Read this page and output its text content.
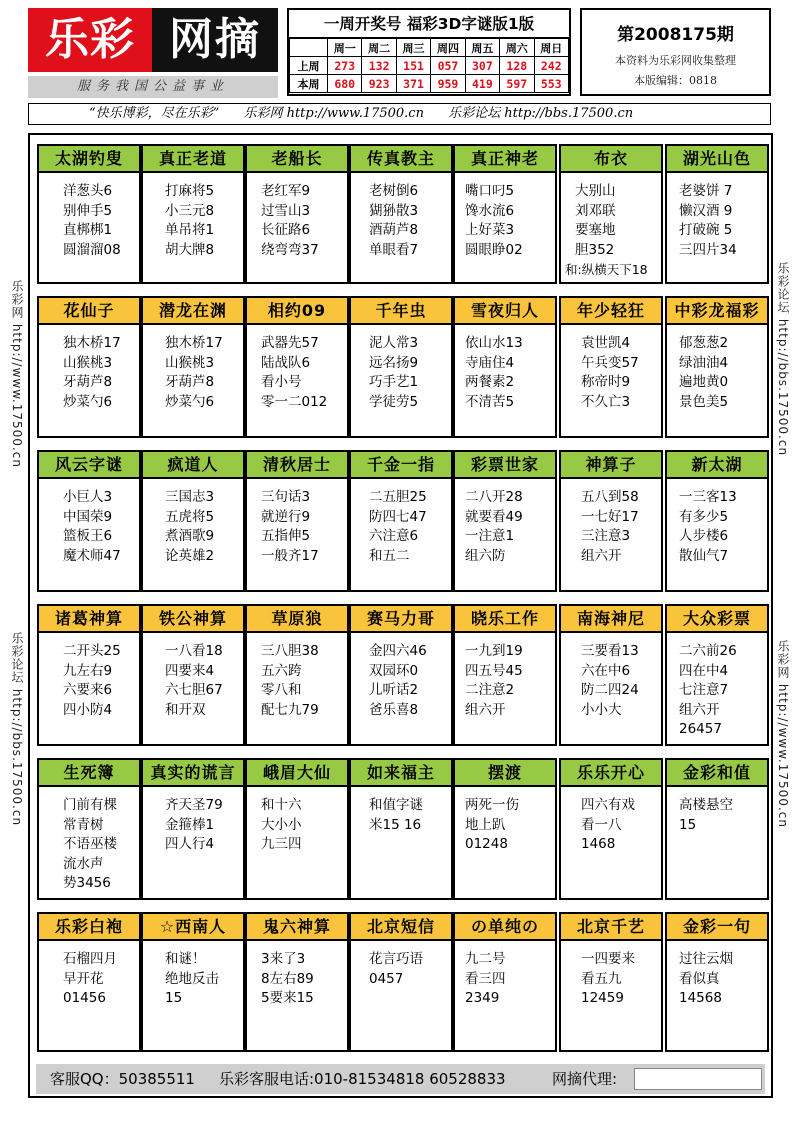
乐彩 网摘
服务我国公益事业
一周开奖号 福彩3D字谜版1版
	周一	周二	周三	周四	周五	周六	周日
上周	273	132	151	057	307	128	242
本周	680	923	371	959	419	597	553
第2008175期
本资料为乐彩网收集整理
本版编辑：0818
“快乐博彩，尽在乐彩” 乐彩网 http://www.17500.cn 乐彩论坛 http://bbs.17500.cn
乐彩网 http://www.17500.cn
乐彩论坛 http://bbs.17500.cn
乐彩论坛 http://bbs.17500.cn
乐彩网 http://www.17500.cn
太湖钓叟
洋葱头6
别伸手5
直梆梆1
圆溜溜08
真正老道
打麻将5
小三元8
单吊将1
胡大牌8
老船长
老红军9
过雪山3
长征路6
绕弯弯37
传真教主
老树倒6
猢狲散3
酒葫芦8
单眼看7
真正神老
嘴口叼5
馋水流6
上好菜3
圆眼睁02
布衣
大别山
刘邓联
要塞地
胆352
和:纵横天下18
湖光山色
老婆饼 7
懒汉酒 9
打破碗 5
三四片34
花仙子
独木桥17
山猴桃3
牙葫芦8
炒菜勺6
潜龙在渊
独木桥17
山猴桃3
牙葫芦8
炒菜勺6
相约09
武器先57
陆战队6
看小号
零一二012
千年虫
泥人常3
远名扬9
巧手艺1
学徒劳5
雪夜归人
依山水13
寺庙住4
两餐素2
不清苦5
年少轻狂
袁世凯4
午兵变57
称帝时9
不久亡3
中彩龙福彩
郁葱葱2
绿油油4
遍地黄0
景色美5
风云字谜
小巨人3
中国荣9
篮板王6
魔术师47
疯道人
三国志3
五虎将5
煮酒歌9
论英雄2
清秋居士
三句话3
就逆行9
五指伸5
一般齐17
千金一指
二五胆25
防四七47
六注意6
和五二
彩票世家
二八开28
就要看49
一注意1
组六防
神算子
五八到58
一七好17
三注意3
组六开
新太湖
一三客13
有多少5
人步楼6
散仙气7
诸葛神算
二开头25
九左右9
六要来6
四小防4
铁公神算
一八看18
四要来4
六七胆67
和开双
草原狼
三八胆38
五六跨
零八和
配七九79
赛马力哥
金四六46
双园环0
儿听话2
爸乐喜8
晓乐工作
一九到19
四五号45
二注意2
组六开
南海神尼
三要看13
六在中6
防二四24
小小大
大众彩票
二六前26
四在中4
七注意7
组六开
26457
生死簿
门前有棵
常青树
不语巫楼
流水声
势3456
真实的谎言
齐天圣79
金箍棒1
四人行4
峨眉大仙
和十六
大小小
九三四
如来福主
和值字谜
米15 16
摆渡
两死一伤
地上趴
01248
乐乐开心
四六有戏
看一八
1468
金彩和值
高楼悬空
15
乐彩白袍
石榴四月
早开花
01456
☆西南人
和谜！
绝地反击
15
鬼六神算
3来了3
8左右89
5要来15
北京短信
花言巧语
0457
の单纯の
九二号
看三四
2349
北京千艺
一四要来
看五九
12459
金彩一句
过往云烟
看似真
14568
客服QQ：50385511 乐彩客服电话:010-81534818 60528833	网摘代理:
